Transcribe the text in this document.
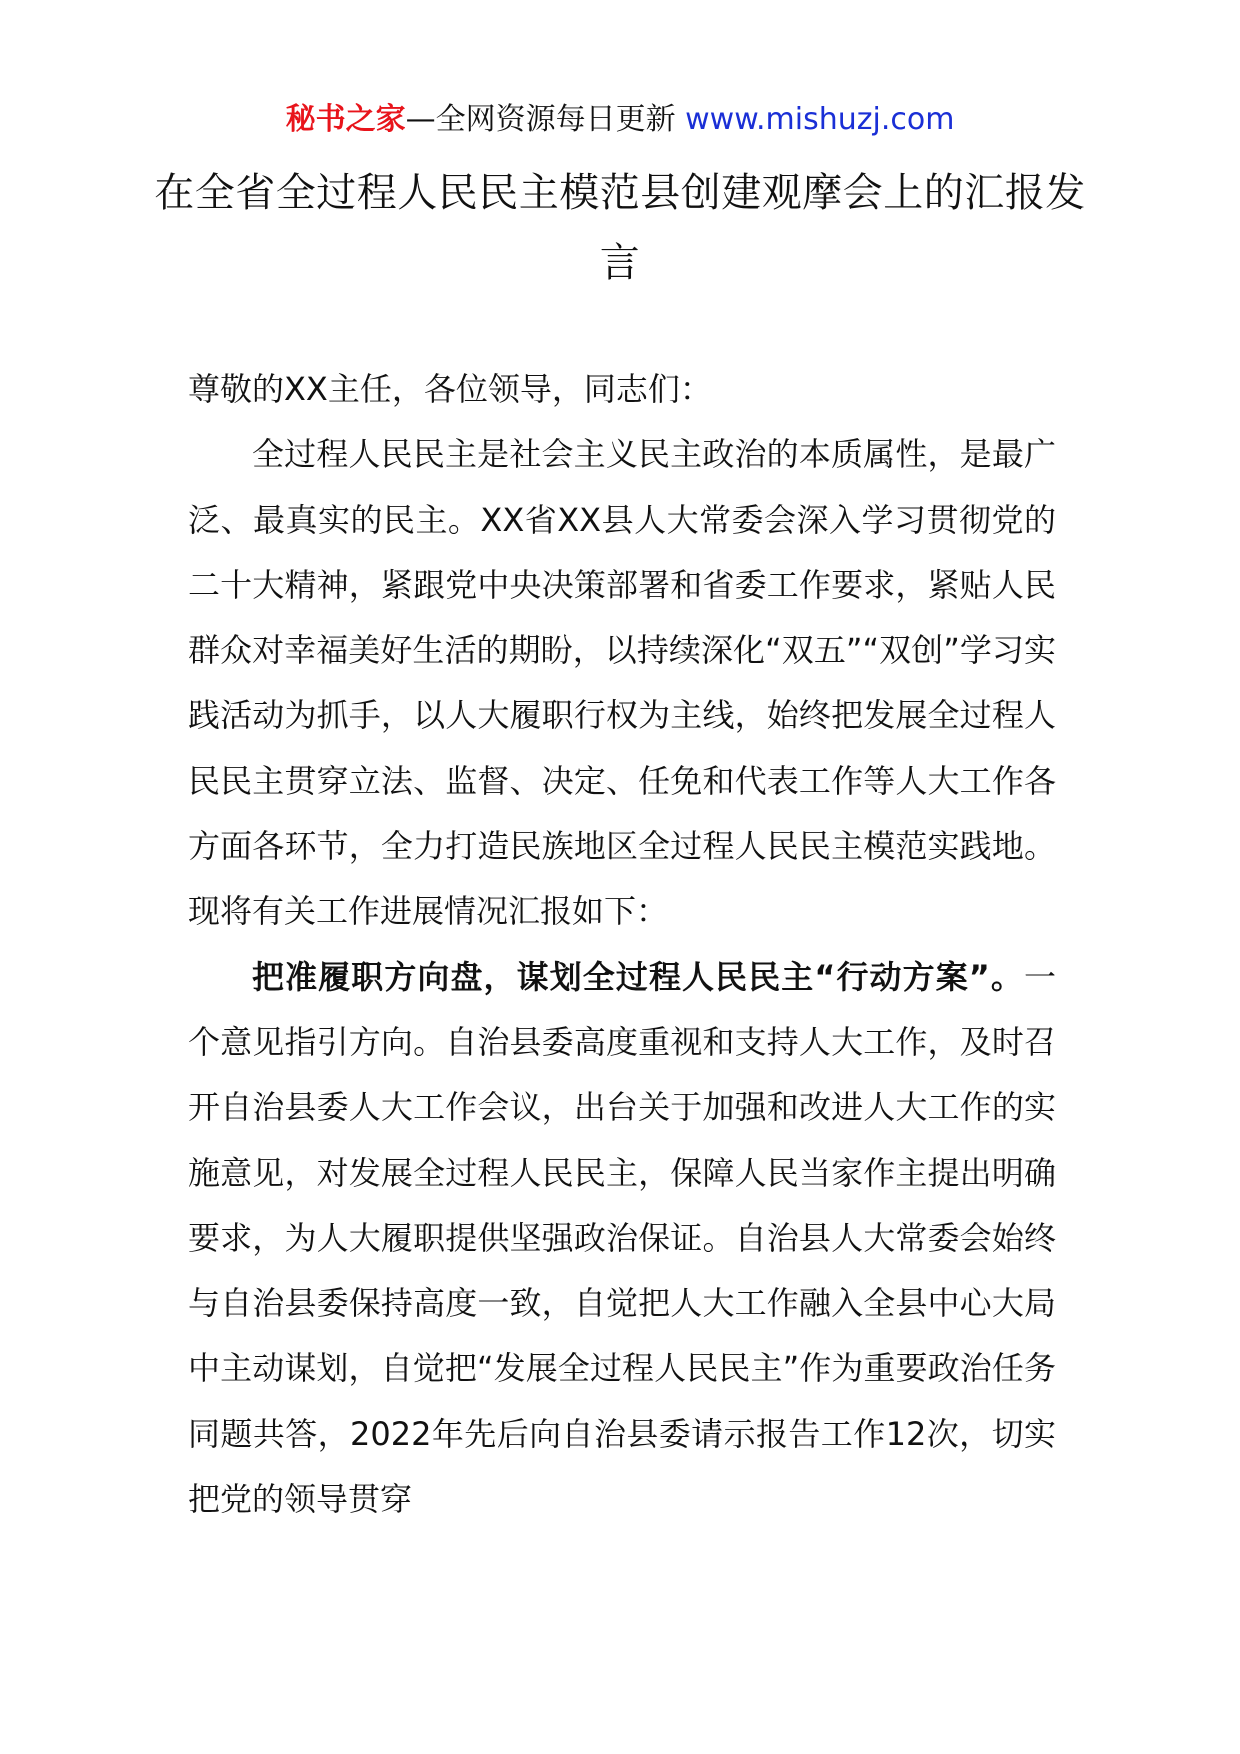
秘书之家—全网资源每日更新 www.mishuzj.com
在全省全过程人民民主模范县创建观摩会上的汇报发言

尊敬的XX主任，各位领导，同志们：

全过程人民民主是社会主义民主政治的本质属性，是最广泛、最真实的民主。XX省XX县人大常委会深入学习贯彻党的二十大精神，紧跟党中央决策部署和省委工作要求，紧贴人民群众对幸福美好生活的期盼，以持续深化“双五”“双创”学习实践活动为抓手，以人大履职行权为主线，始终把发展全过程人民民主贯穿立法、监督、决定、任免和代表工作等人大工作各方面各环节，全力打造民族地区全过程人民民主模范实践地。现将有关工作进展情况汇报如下：

把准履职方向盘，谋划全过程人民民主“行动方案”。一个意见指引方向。自治县委高度重视和支持人大工作，及时召开自治县委人大工作会议，出台关于加强和改进人大工作的实施意见，对发展全过程人民民主，保障人民当家作主提出明确要求，为人大履职提供坚强政治保证。自治县人大常委会始终与自治县委保持高度一致，自觉把人大工作融入全县中心大局中主动谋划，自觉把“发展全过程人民民主”作为重要政治任务同题共答，2022年先后向自治县委请示报告工作12次，切实把党的领导贯穿
